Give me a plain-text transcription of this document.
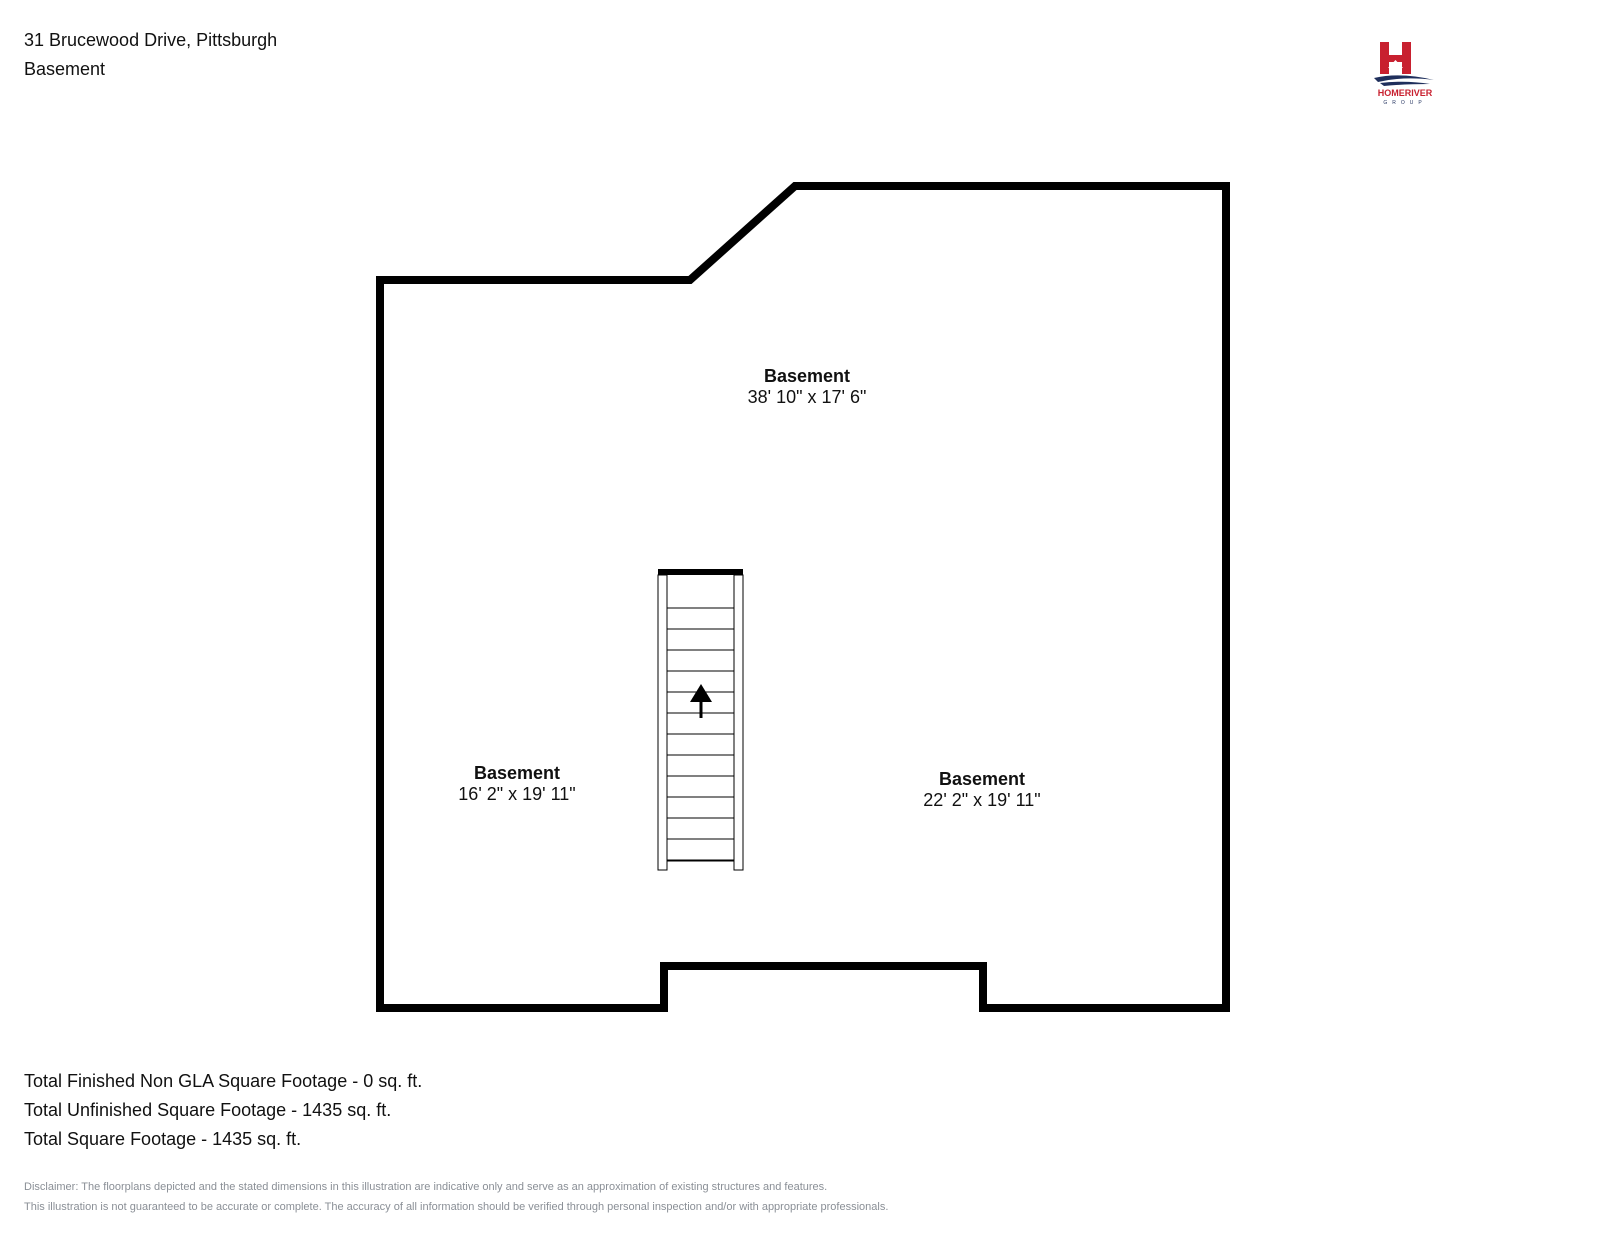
31 Brucewood Drive, Pittsburgh
Basement
HOMERIVER
GROUP
Basement
38' 10" x 17' 6"
Basement
16' 2" x 19' 11"
Basement
22' 2" x 19' 11"
Total Finished Non GLA Square Footage - 0 sq. ft.
Total Unfinished Square Footage - 1435 sq. ft.
Total Square Footage - 1435 sq. ft.
Disclaimer: The floorplans depicted and the stated dimensions in this illustration are indicative only and serve as an approximation of existing structures and features.
This illustration is not guaranteed to be accurate or complete. The accuracy of all information should be verified through personal inspection and/or with appropriate professionals.
